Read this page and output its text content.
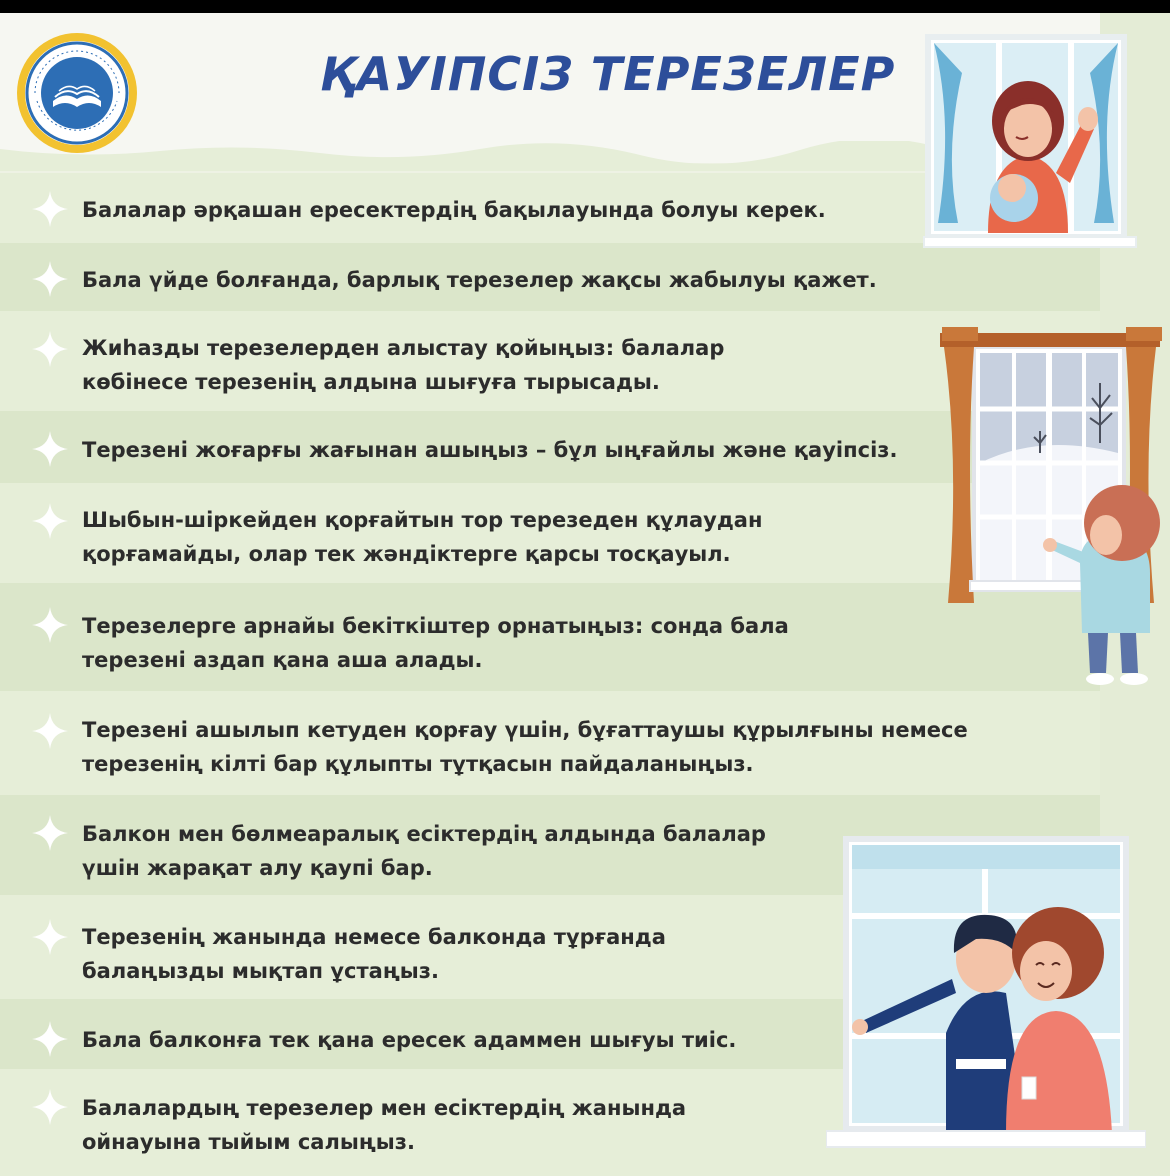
ҚАУІПСІЗ ТЕРЕЗЕЛЕР
Балалар әрқашан ересектердің бақылауында болуы керек.
Бала үйде болғанда, барлық терезелер жақсы жабылуы қажет.
Жиһазды терезелерден алыстау қойыңыз: балалар
көбінесе терезенің алдына шығуға тырысады.
Терезені жоғарғы жағынан ашыңыз – бұл ыңғайлы және қауіпсіз.
Шыбын-шіркейден қорғайтын тор терезеден құлаудан
қорғамайды, олар тек жәндіктерге қарсы тосқауыл.
Терезелерге арнайы бекіткіштер орнатыңыз: сонда бала
терезені аздап қана аша алады.
Терезені ашылып кетуден қорғау үшін, бұғаттаушы құрылғыны немесе
терезенің кілті бар құлыпты тұтқасын пайдаланыңыз.
Балкон мен бөлмеаралық есіктердің алдында балалар
үшін жарақат алу қаупі бар.
Терезенің жанында немесе балконда тұрғанда
балаңызды мықтап ұстаңыз.
Бала балконға тек қана ересек адаммен шығуы тиіс.
Балалардың терезелер мен есіктердің жанында
ойнауына тыйым салыңыз.
